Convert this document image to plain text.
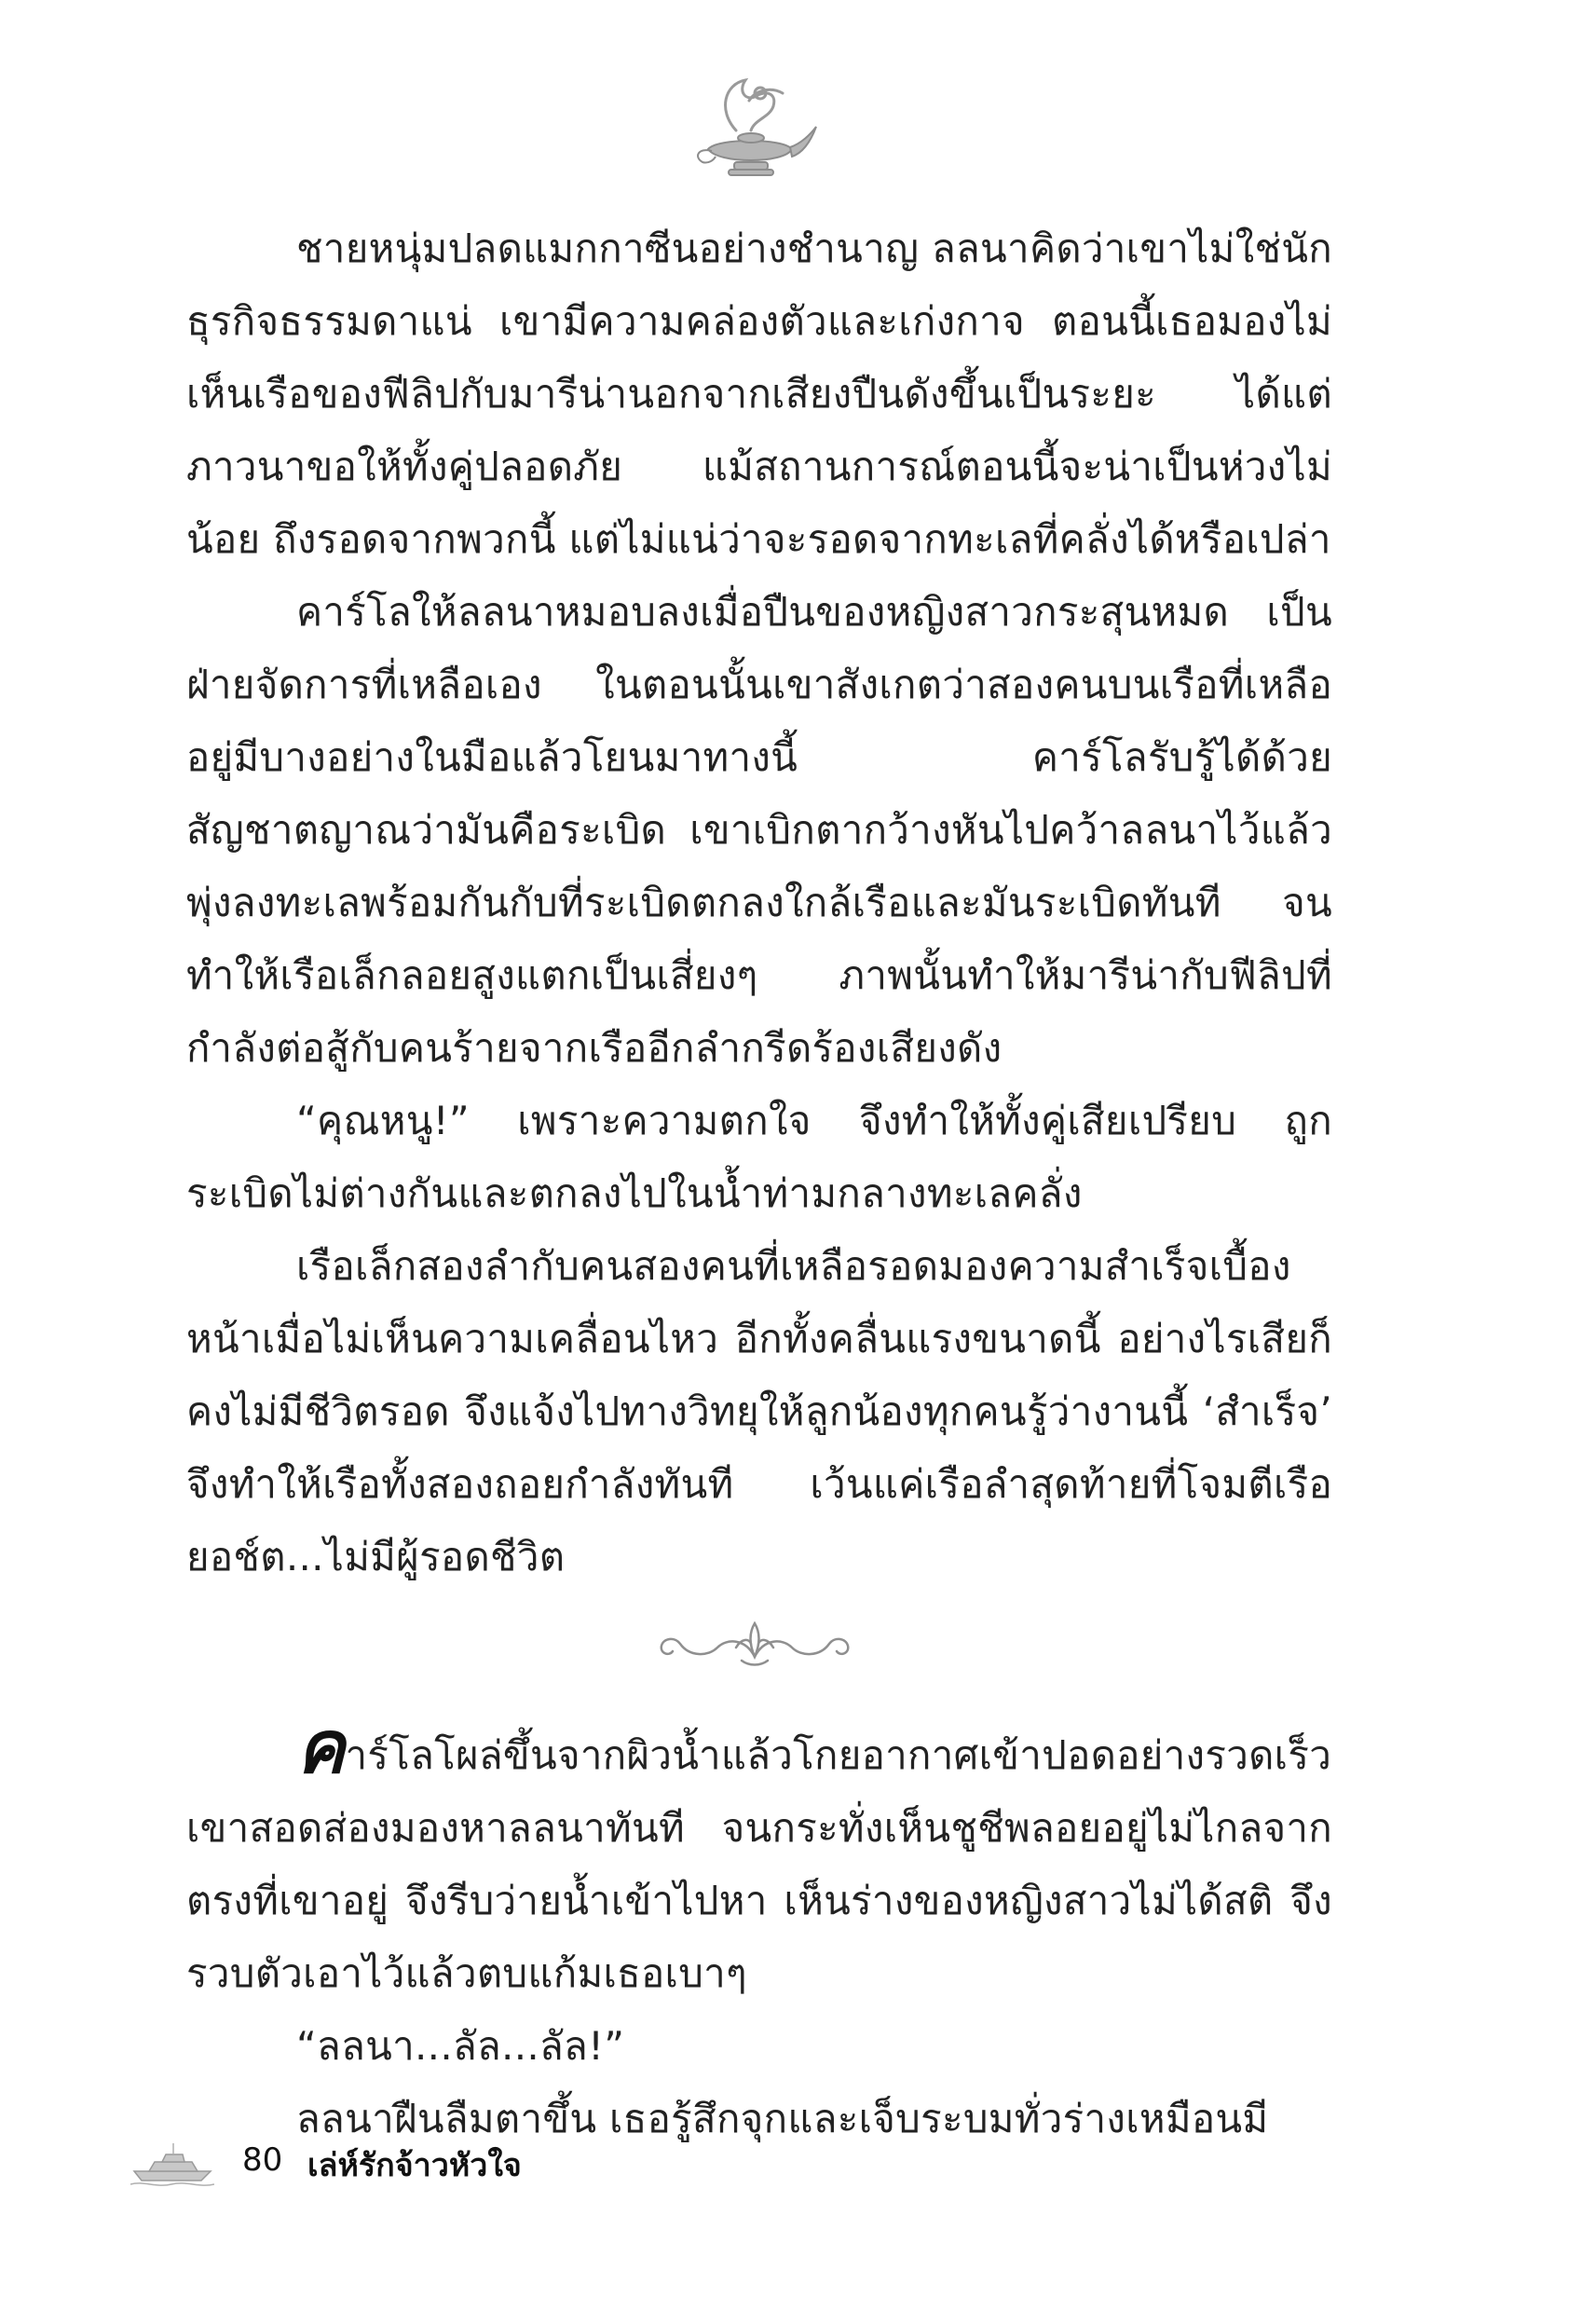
ชายหนุ่มปลดแมกกาซีนอย่างชำนาญ ลลนาคิดว่าเขาไม่ใช่นักธุรกิจธรรมดาแน่ เขามีความคล่องตัวและเก่งกาจ ตอนนี้เธอมองไม่เห็นเรือของฟีลิปกับมารีน่านอกจากเสียงปืนดังขึ้นเป็นระยะ ได้แต่ภาวนาขอให้ทั้งคู่ปลอดภัย แม้สถานการณ์ตอนนี้จะน่าเป็นห่วงไม่น้อย ถึงรอดจากพวกนี้ แต่ไม่แน่ว่าจะรอดจากทะเลที่คลั่งได้หรือเปล่า

คาร์โลให้ลลนาหมอบลงเมื่อปืนของหญิงสาวกระสุนหมด เป็นฝ่ายจัดการที่เหลือเอง ในตอนนั้นเขาสังเกตว่าสองคนบนเรือที่เหลืออยู่มีบางอย่างในมือแล้วโยนมาทางนี้ คาร์โลรับรู้ได้ด้วยสัญชาตญาณว่ามันคือระเบิด เขาเบิกตากว้างหันไปคว้าลลนาไว้แล้วพุ่งลงทะเลพร้อมกันกับที่ระเบิดตกลงใกล้เรือและมันระเบิดทันที จนทำให้เรือเล็กลอยสูงแตกเป็นเสี่ยงๆ ภาพนั้นทำให้มารีน่ากับฟีลิปที่กำลังต่อสู้กับคนร้ายจากเรืออีกลำกรีดร้องเสียงดัง

“คุณหนู!” เพราะความตกใจ จึงทำให้ทั้งคู่เสียเปรียบ ถูกระเบิดไม่ต่างกันและตกลงไปในน้ำท่ามกลางทะเลคลั่ง

เรือเล็กสองลำกับคนสองคนที่เหลือรอดมองความสำเร็จเบื้องหน้าเมื่อไม่เห็นความเคลื่อนไหว อีกทั้งคลื่นแรงขนาดนี้ อย่างไรเสียก็คงไม่มีชีวิตรอด จึงแจ้งไปทางวิทยุให้ลูกน้องทุกคนรู้ว่างานนี้ ‘สำเร็จ’ จึงทำให้เรือทั้งสองถอยกำลังทันที เว้นแค่เรือลำสุดท้ายที่โจมตีเรือยอช์ต...ไม่มีผู้รอดชีวิต

คาร์โลโผล่ขึ้นจากผิวน้ำแล้วโกยอากาศเข้าปอดอย่างรวดเร็ว เขาสอดส่องมองหาลลนาทันที จนกระทั่งเห็นชูชีพลอยอยู่ไม่ไกลจากตรงที่เขาอยู่ จึงรีบว่ายน้ำเข้าไปหา เห็นร่างของหญิงสาวไม่ได้สติ จึงรวบตัวเอาไว้แล้วตบแก้มเธอเบาๆ

“ลลนา...ลัล...ลัล!”

ลลนาฝืนลืมตาขึ้น เธอรู้สึกจุกและเจ็บระบมทั่วร่างเหมือนมี

80 เล่ห์รักจ้าวหัวใจ
